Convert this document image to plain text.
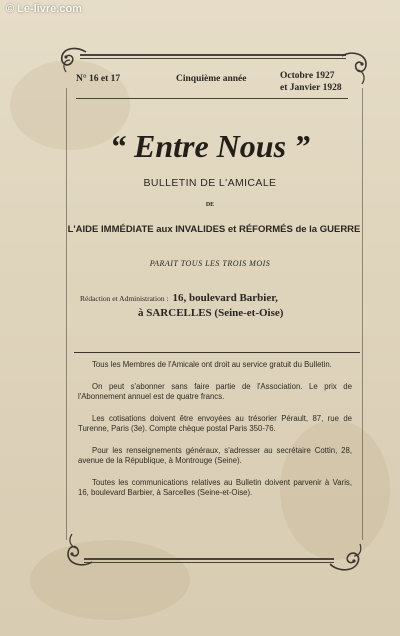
© Le-livre.com
N° 16 et 17	Cinquième année	Octobre 1927
et Janvier 1928
“ Entre Nous ”
BULLETIN DE L'AMICALE
DE
L'AIDE IMMÉDIATE aux INVALIDES et RÉFORMÉS de la GUERRE
PARAIT TOUS LES TROIS MOIS
Rédaction et Administration : 16, boulevard Barbier,
à SARCELLES (Seine-et-Oise)

Tous les Membres de l'Amicale ont droit au service gratuit du Bulletin.

On peut s'abonner sans faire partie de l'Association. Le prix de l'Abonnement annuel est de quatre francs.

Les cotisations doivent être envoyées au trésorier Pérault, 87, rue de Turenne, Paris (3e). Compte chèque postal Paris 350-76.

Pour les renseignements généraux, s'adresser au secrétaire Cottin, 28, avenue de la République, à Montrouge (Seine).

Toutes les communications relatives au Bulletin doivent parvenir à Varis, 16, boulevard Barbier, à Sarcelles (Seine-et-Oise).
